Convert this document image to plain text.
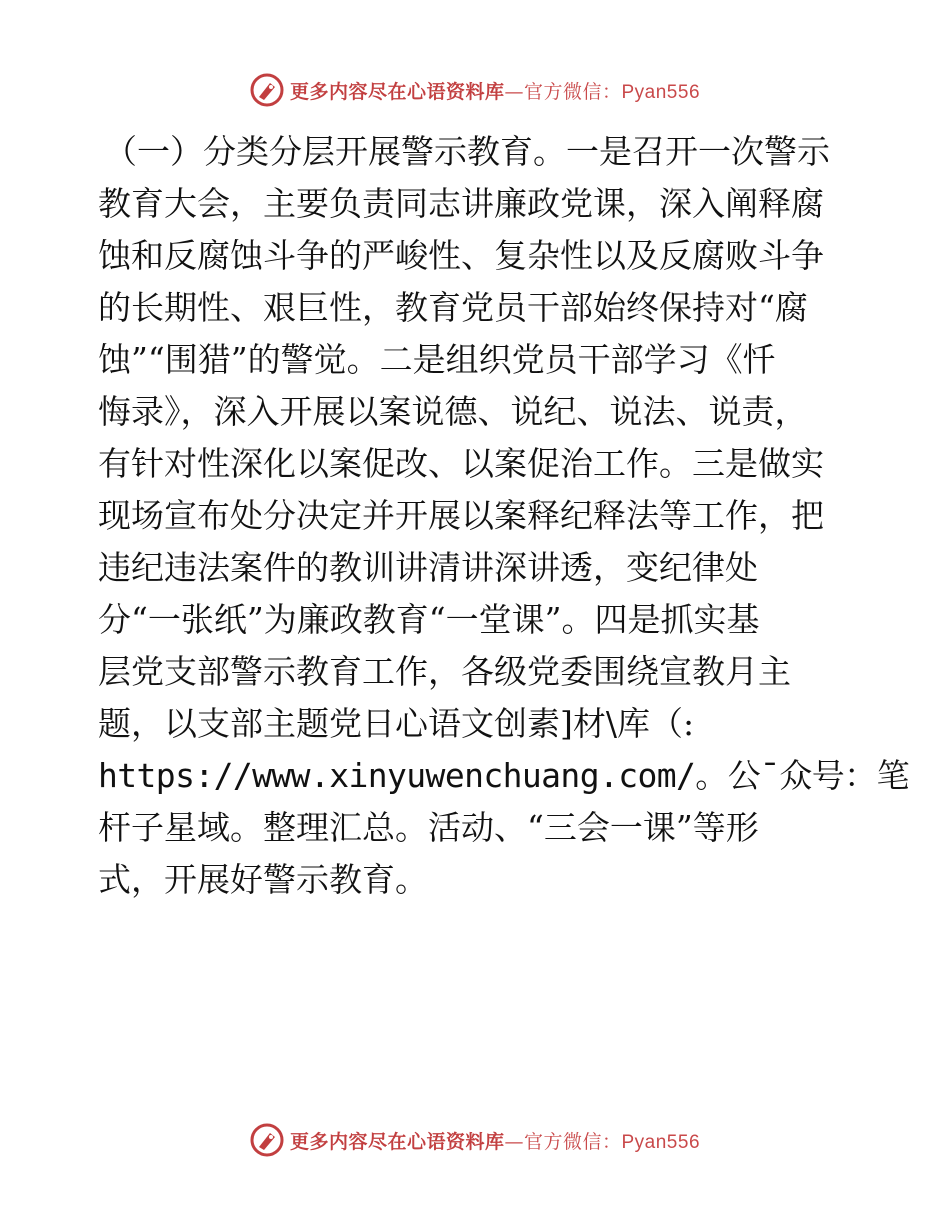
更多内容尽在心语资料库—官方微信：Pyan556
（一）分类分层开展警示教育。一是召开一次警示
教育大会，主要负责同志讲廉政党课，深入阐释腐
蚀和反腐蚀斗争的严峻性、复杂性以及反腐败斗争
的长期性、艰巨性，教育党员干部始终保持对“腐
蚀”“围猎”的警觉。二是组织党员干部学习《忏
悔录》，深入开展以案说德、说纪、说法、说责，
有针对性深化以案促改、以案促治工作。三是做实
现场宣布处分决定并开展以案释纪释法等工作，把
违纪违法案件的教训讲清讲深讲透，变纪律处
分“一张纸”为廉政教育“一堂课”。四是抓实基
层党支部警示教育工作，各级党委围绕宣教月主
题，以支部主题党日心语文创素]材\库（:
https://www.xinyuwenchuang.com/。公¯众号：笔
杆子星域。整理汇总。活动、“三会一课”等形
式，开展好警示教育。
更多内容尽在心语资料库—官方微信：Pyan556
